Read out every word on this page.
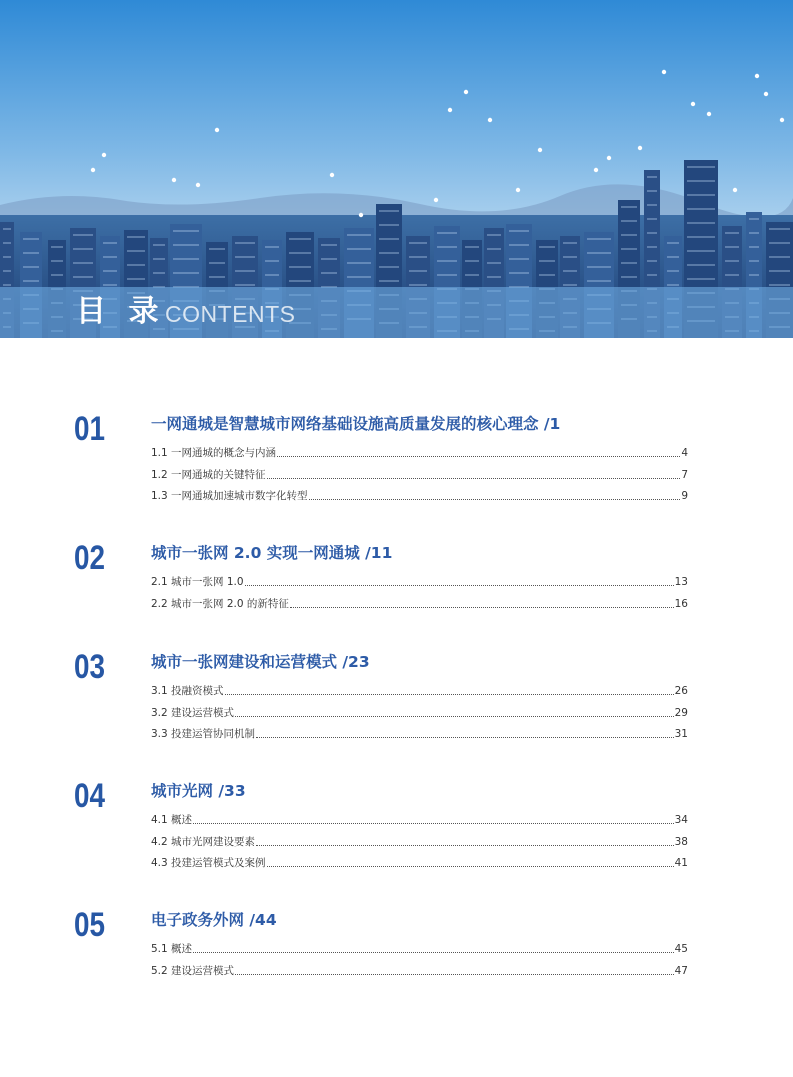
目 录 CONTENTS
01	一网通城是智慧城市网络基础设施高质量发展的核心理念 /1
1.1 一网通城的概念与内涵	4
1.2 一网通城的关键特征	7
1.3 一网通城加速城市数字化转型	9
02	城市一张网 2.0 实现一网通城 /11
2.1 城市一张网 1.0	13
2.2 城市一张网 2.0 的新特征	16
03	城市一张网建设和运营模式 /23
3.1 投融资模式	26
3.2 建设运营模式	29
3.3 投建运管协同机制	31
04	城市光网 /33
4.1 概述	34
4.2 城市光网建设要素	38
4.3 投建运管模式及案例	41
05	电子政务外网 /44
5.1 概述	45
5.2 建设运营模式	47
